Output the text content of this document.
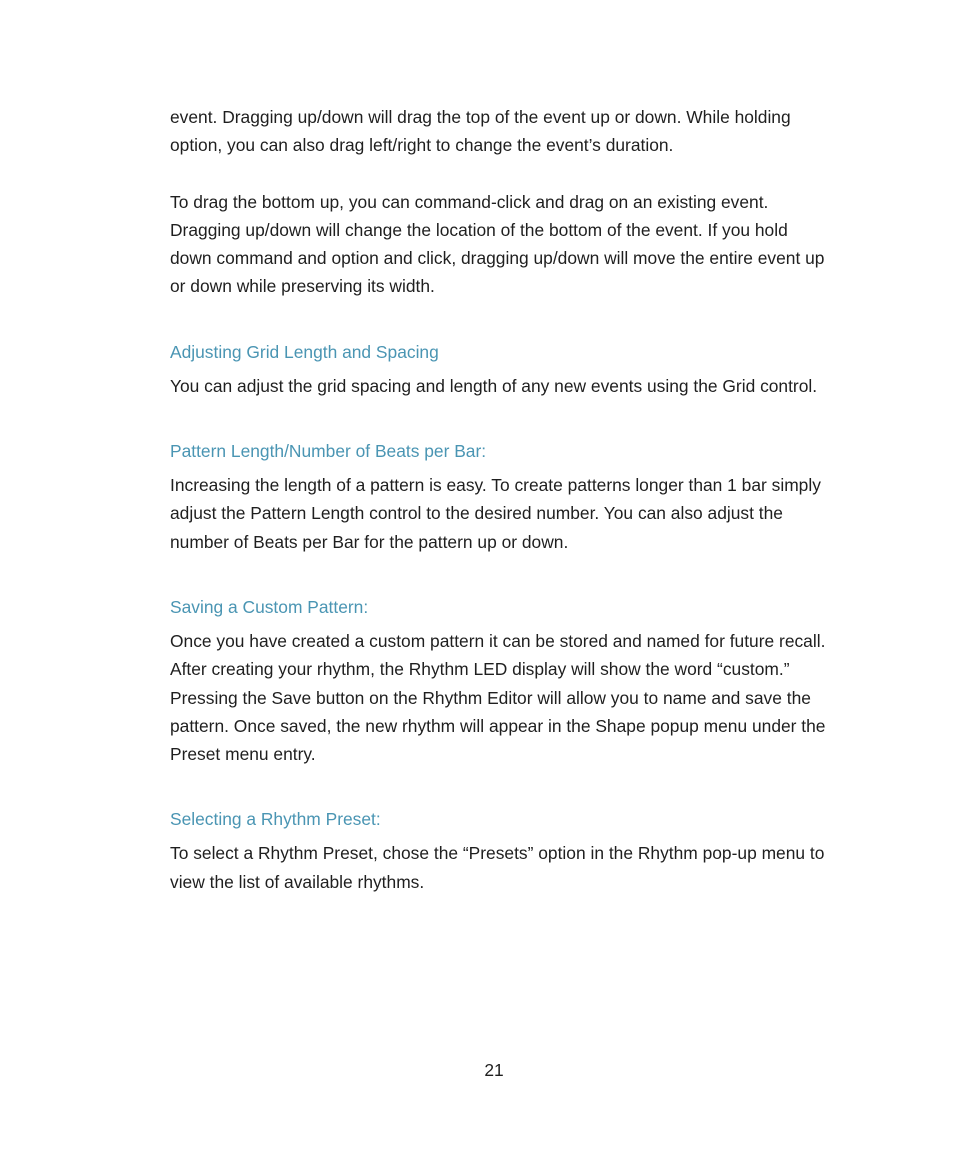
event. Dragging up/down will drag the top of the event up or down. While holding option, you can also drag left/right to change the event’s duration.

To drag the bottom up, you can command-click and drag on an existing event. Dragging up/down will change the location of the bottom of the event. If you hold down command and option and click, dragging up/down will move the entire event up or down while preserving its width.

Adjusting Grid Length and Spacing

You can adjust the grid spacing and length of any new events using the Grid control.

Pattern Length/Number of Beats per Bar:

Increasing the length of a pattern is easy. To create patterns longer than 1 bar simply adjust the Pattern Length control to the desired number. You can also adjust the number of Beats per Bar for the pattern up or down.

Saving a Custom Pattern:

Once you have created a custom pattern it can be stored and named for future recall. After creating your rhythm, the Rhythm LED display will show the word “custom.” Pressing the Save button on the Rhythm Editor will allow you to name and save the pattern. Once saved, the new rhythm will appear in the Shape popup menu under the Preset menu entry.

Selecting a Rhythm Preset:

To select a Rhythm Preset, chose the “Presets” option in the Rhythm pop-up menu to view the list of available rhythms.

21
